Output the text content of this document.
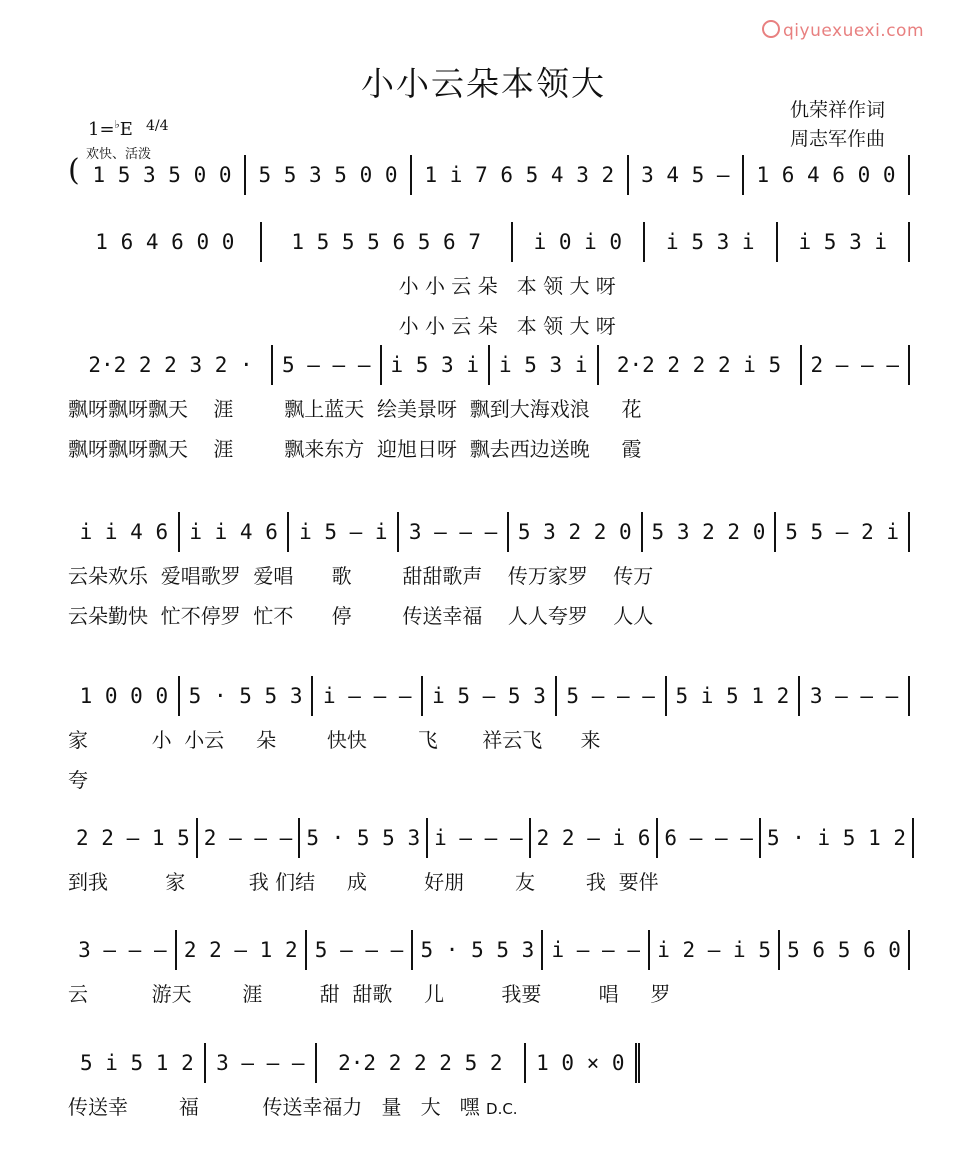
qiyuexuexi.com
小小云朵本领大
仇荣祥作词
周志军作曲
1=♭E 4/4
欢快、活泼
( 1 5 3 5 0 0	5 5 3 5 0 0	1 i 7 6 5 4 3 2	3 4 5 –	1 6 4 6 0 0
1 6 4 6 0 0	1 5 5 5 6 5 6 7	i 0 i 0	i 5 3 i	i 5 3 i
小 小 云 朵   本 领 大 呀
小 小 云 朵   本 领 大 呀
2·2 2 2 3 2 ·	5 – – – i 5 3 i i 5 3 i	2·2 2 2 2 i 5	2 – – –
飘呀飘呀飘天    涯        飘上蓝天  绘美景呀  飘到大海戏浪     花
飘呀飘呀飘天    涯        飘来东方  迎旭日呀  飘去西边送晚     霞
i i 4 6	i i 4 6	i 5 – i	3 – – – 5 3 2 2 0 5 3 2 2 0 5 5 – 2 i
云朵欢乐  爱唱歌罗  爱唱      歌        甜甜歌声    传万家罗    传万
云朵勤快  忙不停罗  忙不      停        传送幸福    人人夸罗    人人
1 0 0 0 5 · 5 5 3 i – – – i 5 – 5 3 5 – – – 5 i 5 1 2 3 – – –
家          小  小云     朵        快快        飞       祥云飞      来
夸
2 2 – 1 5 2 – – – 5 · 5 5 3 i – – – 2 2 – i 6 6 – – – 5 · i 5 1 2
到我         家          我 们结     成         好朋        友        我  要伴
3 – – – 2 2 – 1 2 5 – – – 5 · 5 5 3 i – – – i 2 – i 5 5 6 5 6 0
云          游天        涯         甜  甜歌     儿         我要         唱     罗
5 i 5 1 2	3 – – –	2·2 2 2 2 5 2	1 0 × 0
传送幸        福          传送幸福力   量   大   嘿 D.C.
